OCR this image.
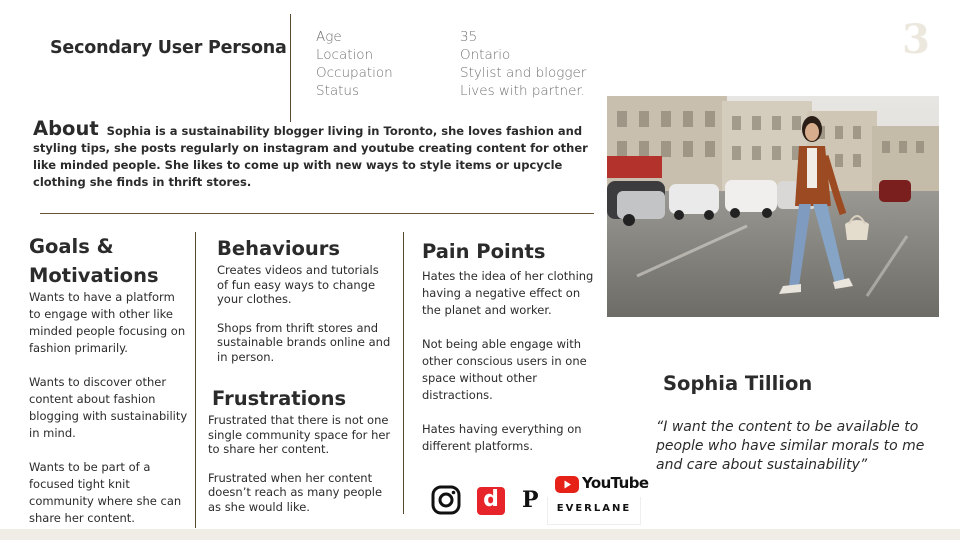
Secondary User Persona
Age
Location
Occupation
Status
35
Ontario
Stylist and blogger
Lives with partner.
3
About Sophia is a sustainability blogger living in Toronto, she loves fashion and styling tips, she posts regularly on instagram and youtube creating content for other like minded people. She likes to come up with new ways to style items or upcycle clothing she finds in thrift stores.
Goals & Motivations

Wants to have a platform to engage with other like minded people focusing on fashion primarily.

Wants to discover other content about fashion blogging with sustainability in mind.

Wants to be part of a focused tight knit community where she can share her content.

Behaviours

Creates videos and tutorials of fun easy ways to change your clothes.

Shops from thrift stores and sustainable brands online and in person.

Frustrations

Frustrated that there is not one single community space for her to share her content.

Frustrated when her content doesn’t reach as many people as she would like.

Pain Points

Hates the idea of her clothing having a negative effect on the planet and worker.

Not being able engage with other conscious users in one space without other distractions.

Hates having everything on different platforms.

Sophia Tillion
“I want the content to be available to people who have similar morals to me and care about sustainability”
d P
YouTube
EVERLANE
